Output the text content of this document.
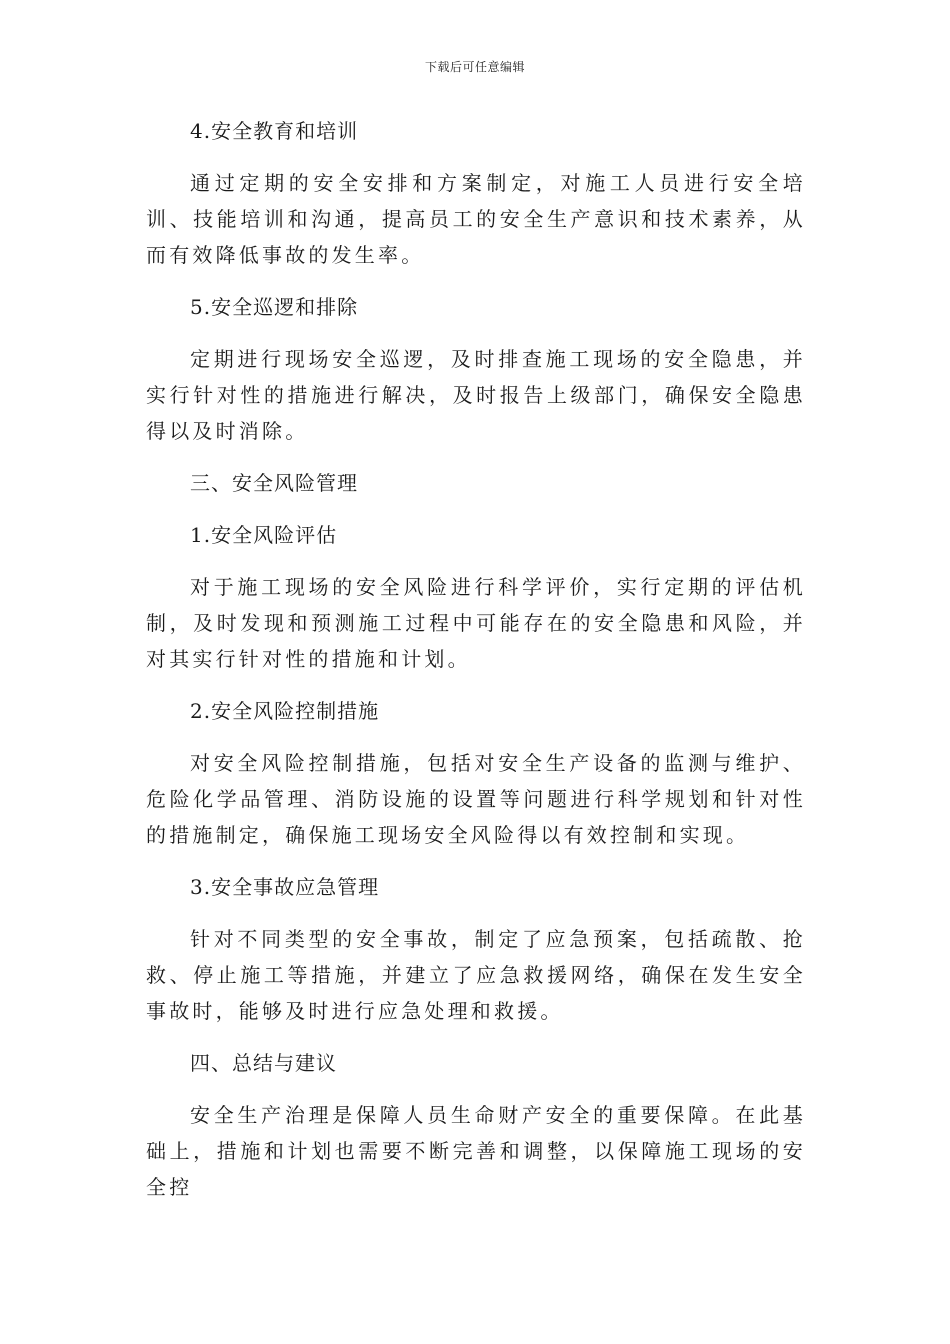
下载后可任意编辑
4.安全教育和培训
通过定期的安全安排和方案制定，对施工人员进行安全培训、技能培训和沟通，提高员工的安全生产意识和技术素养，从而有效降低事故的发生率。
5.安全巡逻和排除
定期进行现场安全巡逻，及时排查施工现场的安全隐患，并实行针对性的措施进行解决，及时报告上级部门，确保安全隐患得以及时消除。
三、安全风险管理
1.安全风险评估
对于施工现场的安全风险进行科学评价，实行定期的评估机制，及时发现和预测施工过程中可能存在的安全隐患和风险，并对其实行针对性的措施和计划。
2.安全风险控制措施
对安全风险控制措施，包括对安全生产设备的监测与维护、危险化学品管理、消防设施的设置等问题进行科学规划和针对性的措施制定，确保施工现场安全风险得以有效控制和实现。
3.安全事故应急管理
针对不同类型的安全事故，制定了应急预案，包括疏散、抢救、停止施工等措施，并建立了应急救援网络，确保在发生安全事故时，能够及时进行应急处理和救援。
四、总结与建议
安全生产治理是保障人员生命财产安全的重要保障。在此基础上，措施和计划也需要不断完善和调整，以保障施工现场的安全控
